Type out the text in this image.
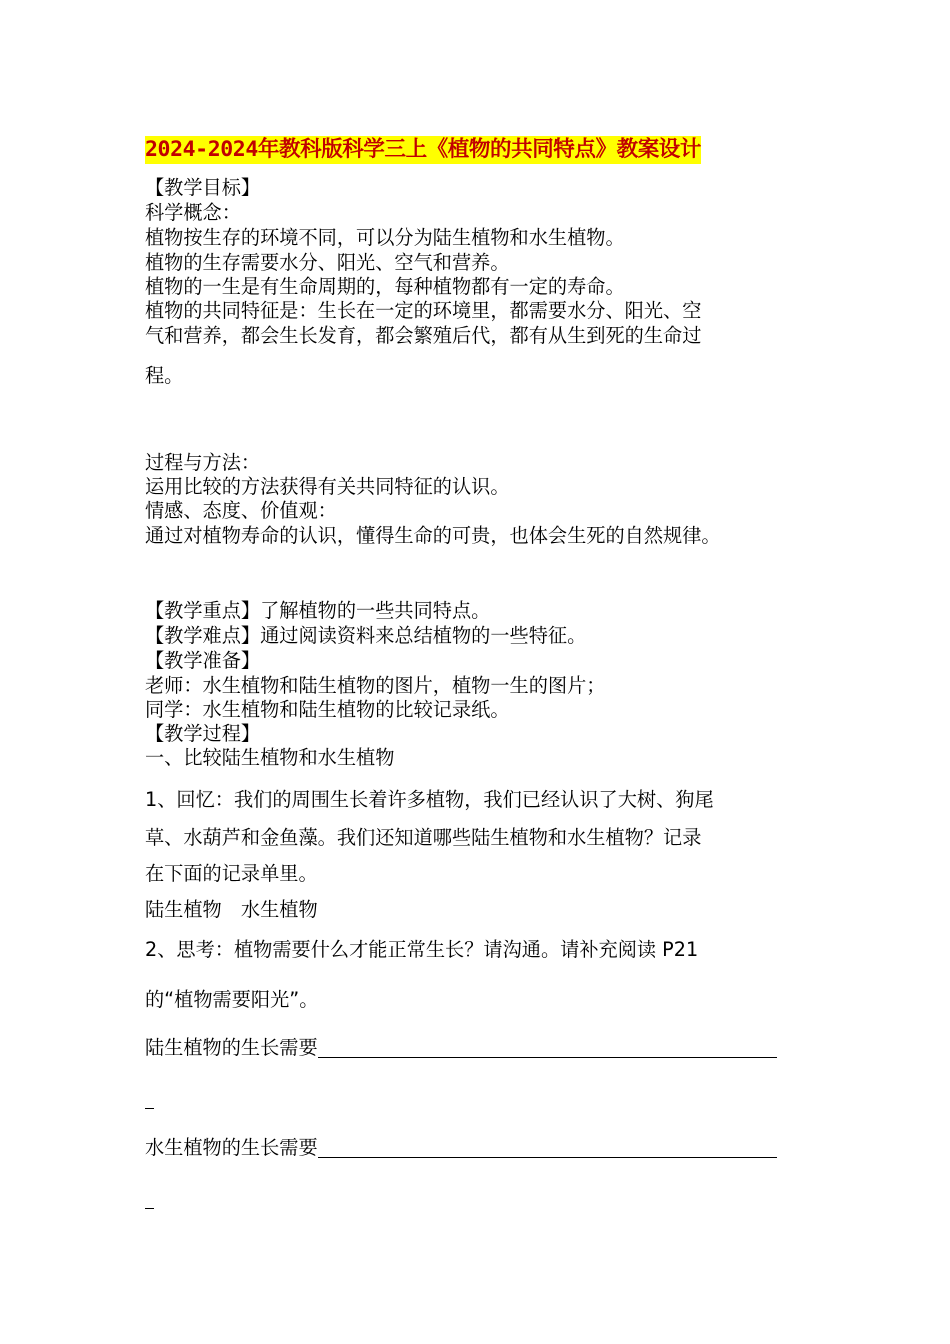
2024-2024年教科版科学三上《植物的共同特点》教案设计
【教学目标】
科学概念：
植物按生存的环境不同，可以分为陆生植物和水生植物。
植物的生存需要水分、阳光、空气和营养。
植物的一生是有生命周期的，每种植物都有一定的寿命。
植物的共同特征是：生长在一定的环境里，都需要水分、阳光、空
气和营养，都会生长发育，都会繁殖后代，都有从生到死的生命过
程。
过程与方法：
运用比较的方法获得有关共同特征的认识。
情感、态度、价值观：
通过对植物寿命的认识，懂得生命的可贵，也体会生死的自然规律。
【教学重点】了解植物的一些共同特点。
【教学难点】通过阅读资料来总结植物的一些特征。
【教学准备】
老师：水生植物和陆生植物的图片，植物一生的图片；
同学：水生植物和陆生植物的比较记录纸。
【教学过程】
一、比较陆生植物和水生植物
1、回忆：我们的周围生长着许多植物，我们已经认识了大树、狗尾
草、水葫芦和金鱼藻。我们还知道哪些陆生植物和水生植物？记录
在下面的记录单里。
陆生植物　水生植物
2、思考：植物需要什么才能正常生长？请沟通。请补充阅读 P21
的“植物需要阳光”。
陆生植物的生长需要
水生植物的生长需要
